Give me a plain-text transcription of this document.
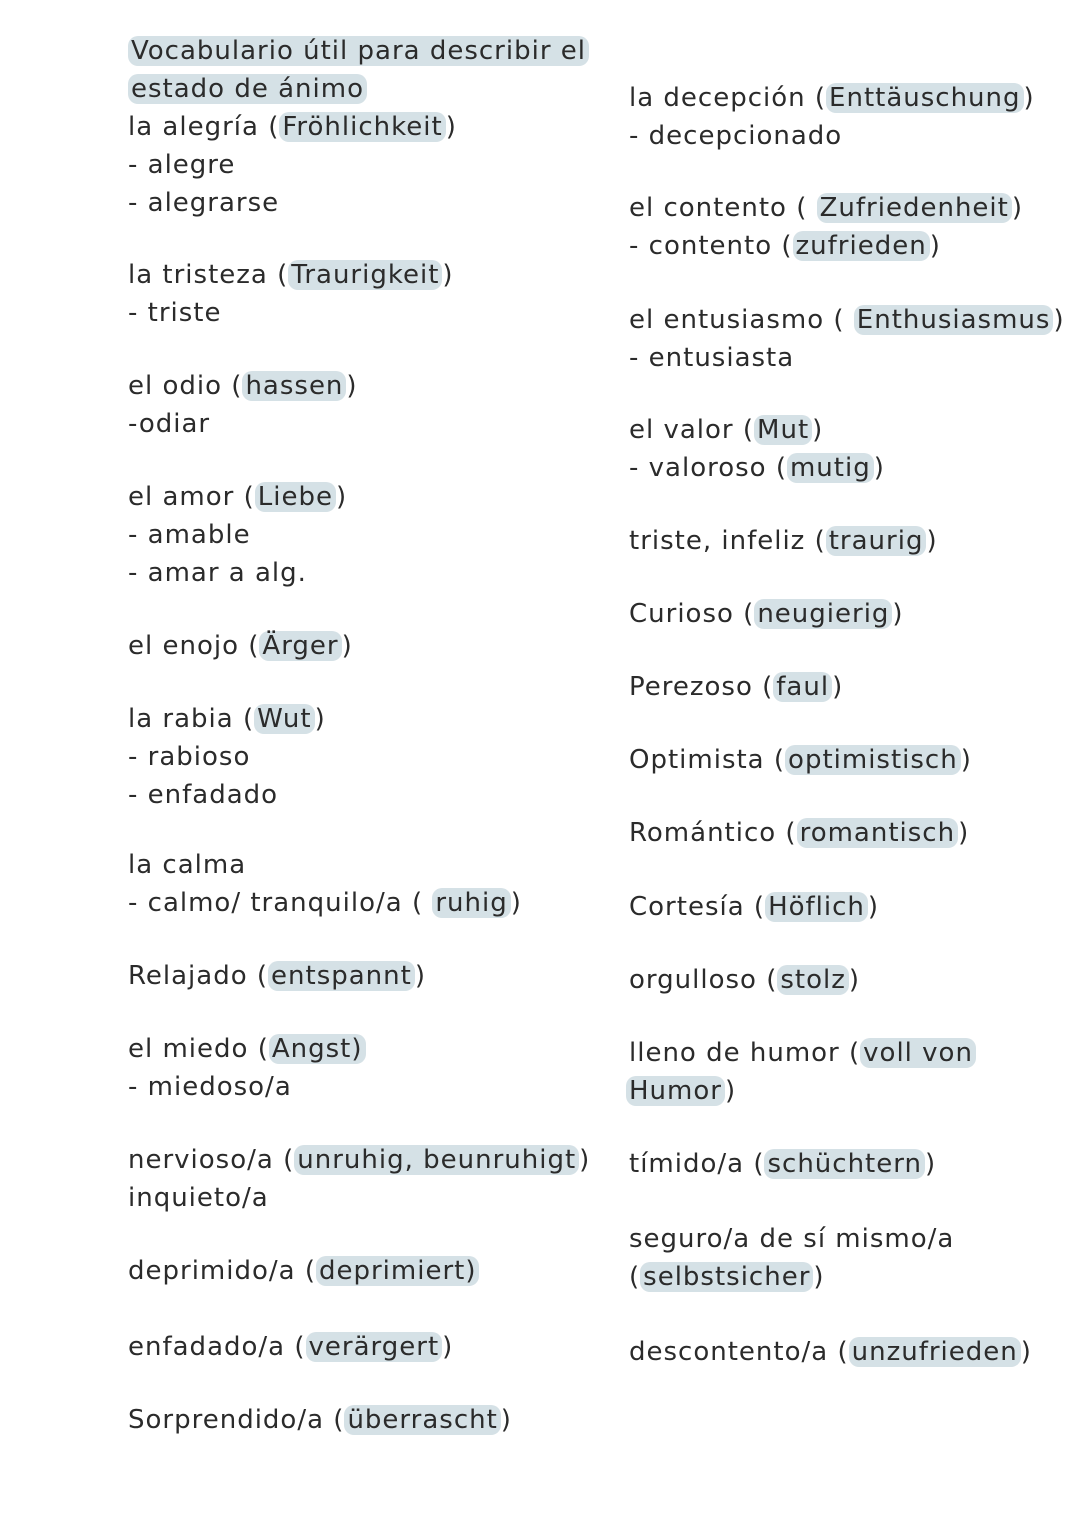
Vocabulario útil para describir el
estado de ánimo
la alegría ( Fröhlichkeit )
- alegre
- alegrarse
la tristeza ( Traurigkeit )
- triste
el odio ( hassen )
-odiar
el amor ( Liebe )
- amable
- amar a alg.
el enojo ( Ärger )
la rabia ( Wut )
- rabioso
- enfadado
la calma
- calmo/ tranquilo/a ( ruhig )
Relajado ( entspannt )
el miedo ( Angst)
- miedoso/a
nervioso/a ( unruhig, beunruhigt )
inquieto/a
deprimido/a ( deprimiert)
enfadado/a ( verärgert )
Sorprendido/a ( überrascht )
la decepción ( Enttäuschung )
- decepcionado
el contento ( Zufriedenheit )
- contento ( zufrieden )
el entusiasmo ( Enthusiasmus )
- entusiasta
el valor ( Mut )
- valoroso ( mutig )
triste, infeliz ( traurig )
Curioso ( neugierig )
Perezoso ( faul )
Optimista ( optimistisch )
Romántico ( romantisch )
Cortesía ( Höflich )
orgulloso ( stolz )
lleno de humor ( voll von
Humor )
tímido/a ( schüchtern )
seguro/a de sí mismo/a
( selbstsicher )
descontento/a ( unzufrieden )
